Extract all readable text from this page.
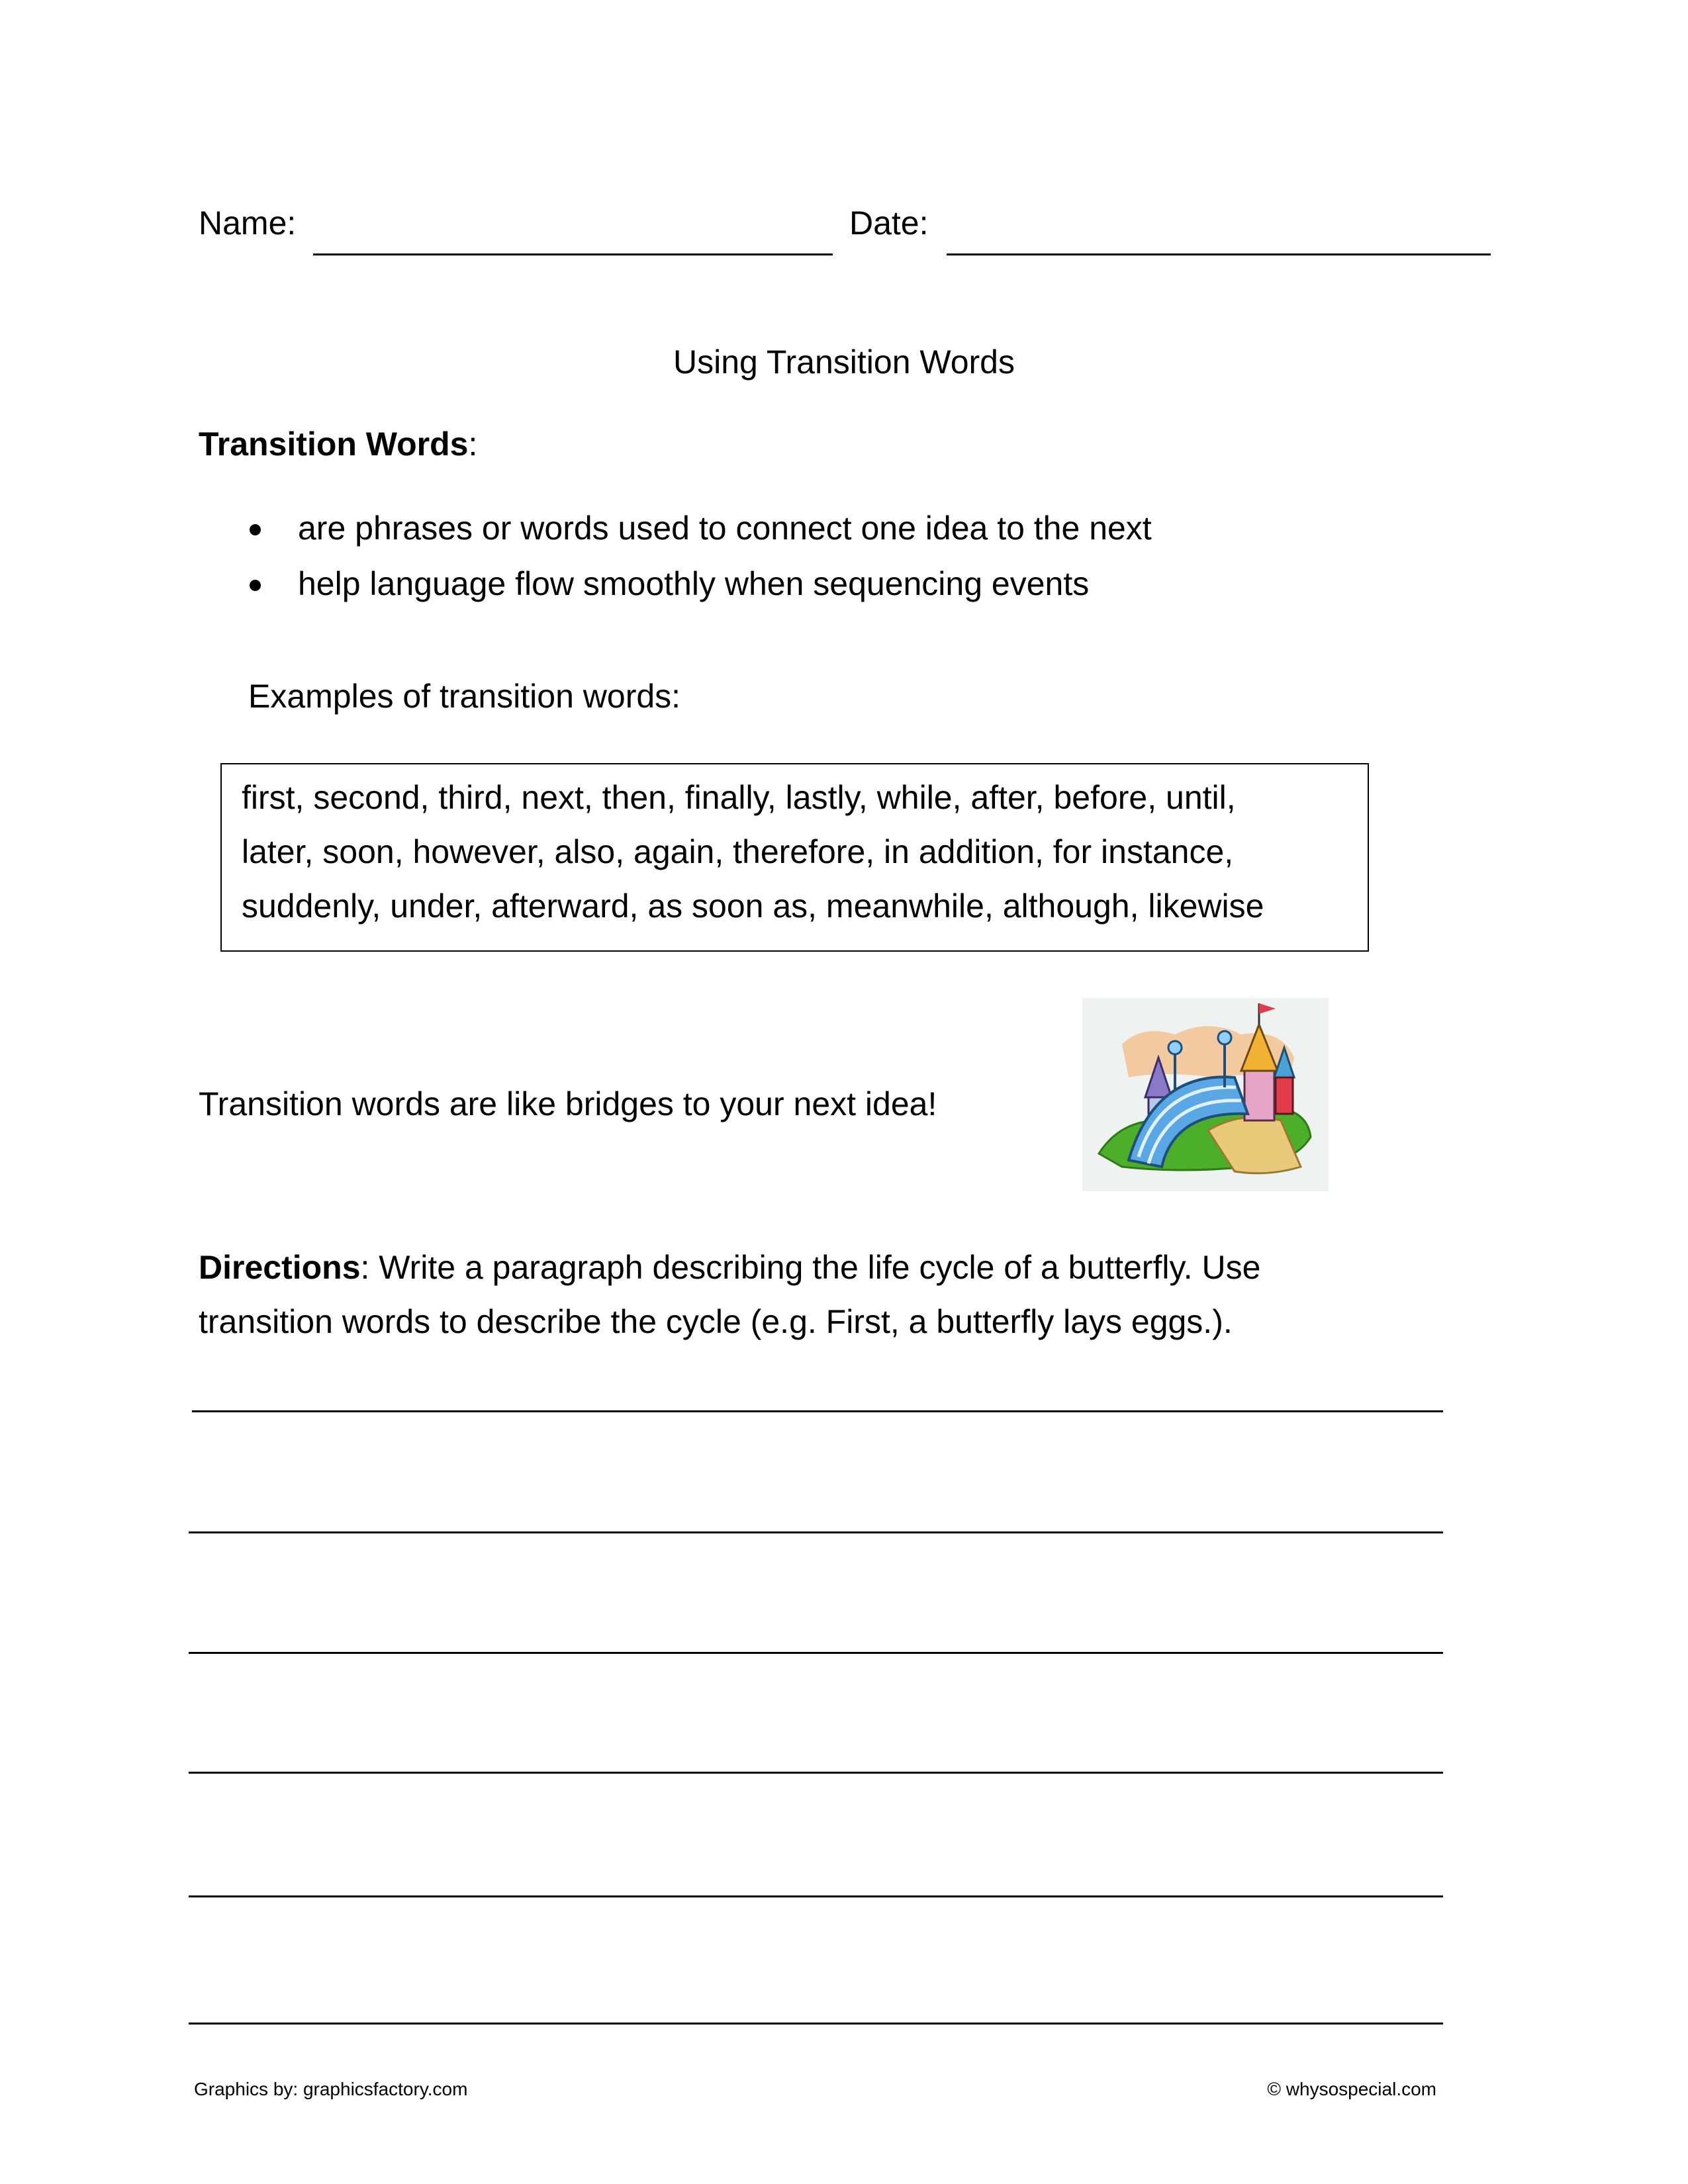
Name:	Date:
Using Transition Words
Transition Words:
are phrases or words used to connect one idea to the next
help language flow smoothly when sequencing events
Examples of transition words:
first, second, third, next, then, finally, lastly, while, after, before, until,
later, soon, however, also, again, therefore, in addition, for instance,
suddenly, under, afterward, as soon as, meanwhile, although, likewise
Transition words are like bridges to your next idea!
Directions: Write a paragraph describing the life cycle of a butterfly. Use
transition words to describe the cycle (e.g. First, a butterfly lays eggs.).
Graphics by: graphicsfactory.com	© whysospecial.com
